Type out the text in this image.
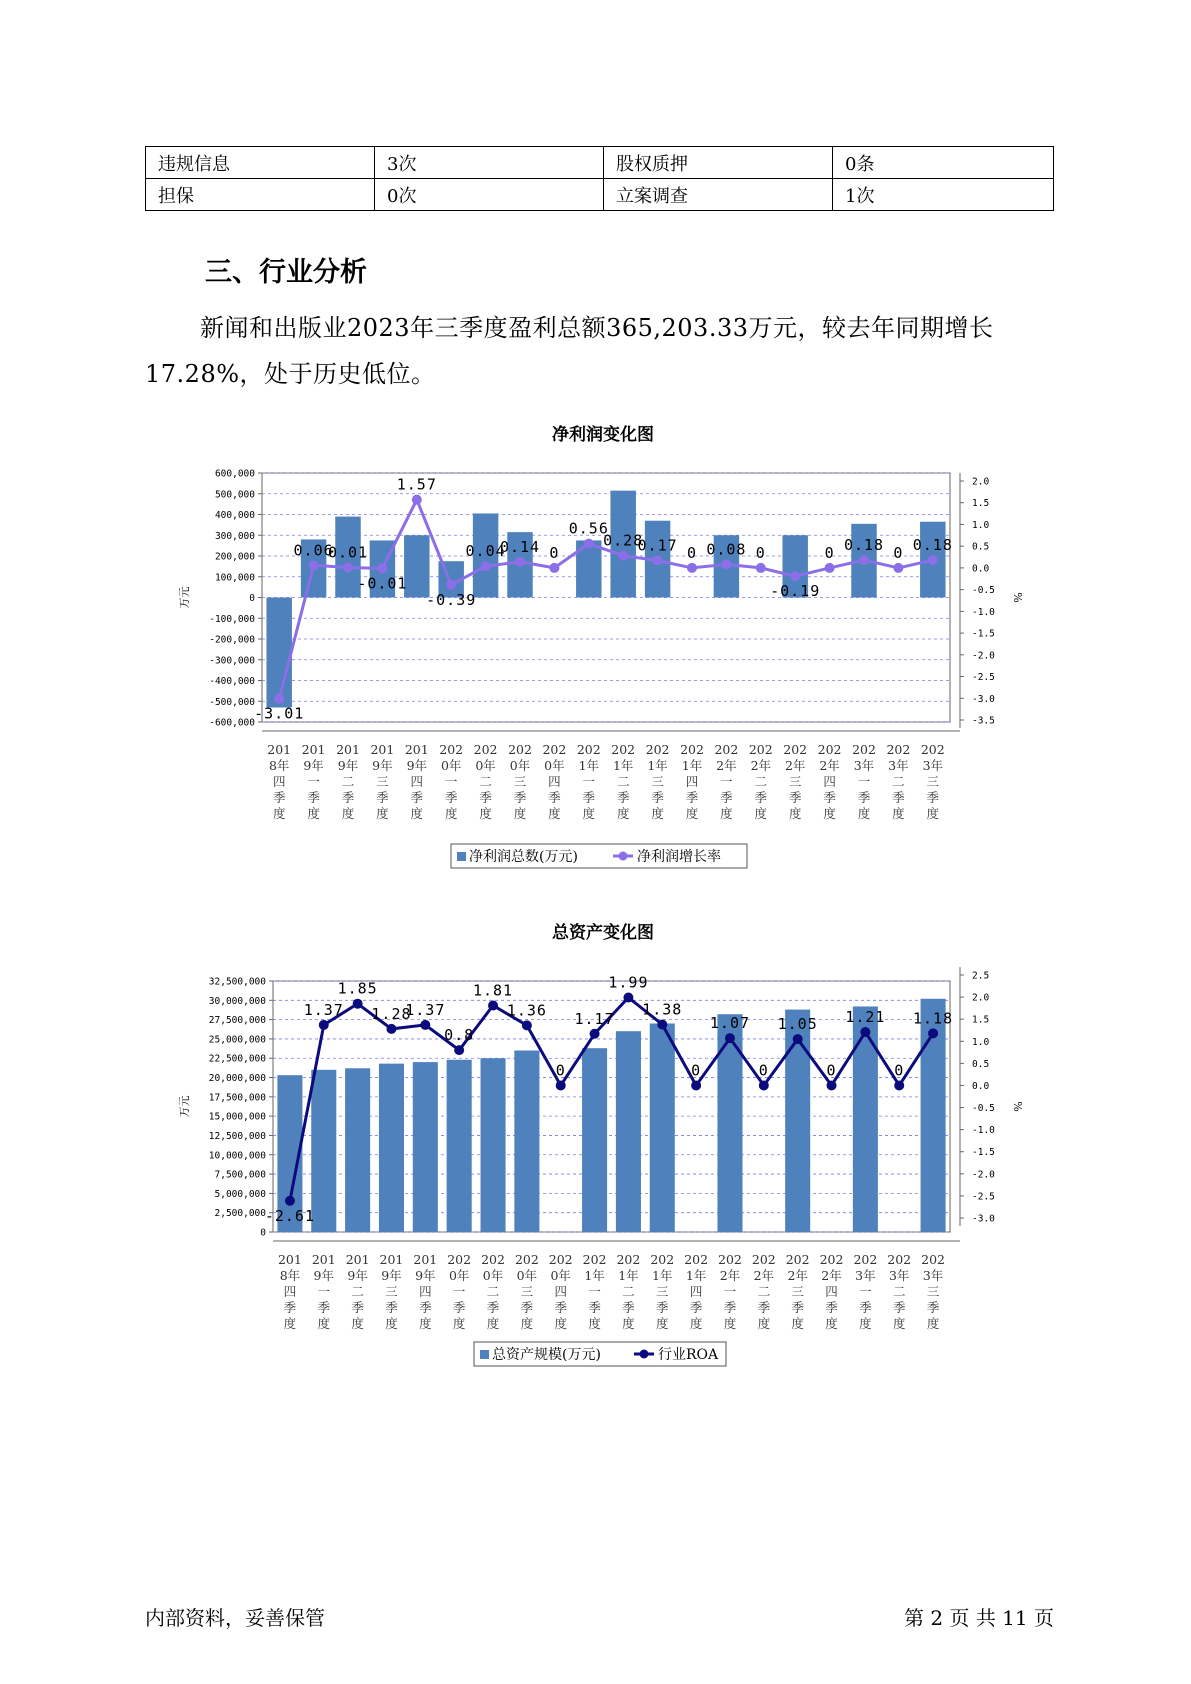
违规信息	3次	股权质押	0条
担保	0次	立案调查	1次
三、行业分析
新闻和出版业2023年三季度盈利总额365,203.33万元，较去年同期增长17.28%，处于历史低位。
净利润变化图
600,000
500,000
400,000
300,000
200,000
100,000
0
-100,000
-200,000
-300,000
-400,000
-500,000
-600,000
万元
2.0
1.5
1.0
0.5
0.0
-0.5
-1.0
-1.5
-2.0
-2.5
-3.0
-3.5
%
-3.01
0.06
0.01
-0.01
1.57
-0.39
0.04
0.14 0
0.56
0.28
0.17 0 0.08 0
-0.19
0 0.18 0 0.18
201 8年四季度
201 9年一季度
201 9年二季度
201 9年三季度
201 9年四季度
202 0年一季度
202 0年二季度
202 0年三季度
202 0年四季度
202 1年一季度
202 1年二季度
202 1年三季度
202 1年四季度
202 2年一季度
202 2年二季度
202 2年三季度
202 2年四季度
202 3年一季度
202 3年二季度
202 3年三季度
净利润总数(万元)	净利润增长率
总资产变化图
32,500,000
30,000,000
27,500,000
25,000,000
22,500,000
20,000,000
17,500,000
15,000,000
12,500,000
10,000,000
7,500,000
5,000,000
2,500,000
0
万元
2.5
2.0
1.5
1.0
0.5
0.0
-0.5
-1.0
-1.5
-2.0
-2.5
-3.0
%
-2.61
1.37
1.85
1.28
1.37
0.8
1.81
1.36
0
1.17
1.99
1.38
0
1.07
0
1.05
0
1.21
0
1.18
201 8年四季度
201 9年一季度
201 9年二季度
201 9年三季度
201 9年四季度
202 0年一季度
202 0年二季度
202 0年三季度
202 0年四季度
202 1年一季度
202 1年二季度
202 1年三季度
202 1年四季度
202 2年一季度
202 2年二季度
202 2年三季度
202 2年四季度
202 3年一季度
202 3年二季度
202 3年三季度
总资产规模(万元)	行业ROA
内部资料，妥善保管	第 2 页 共 11 页
